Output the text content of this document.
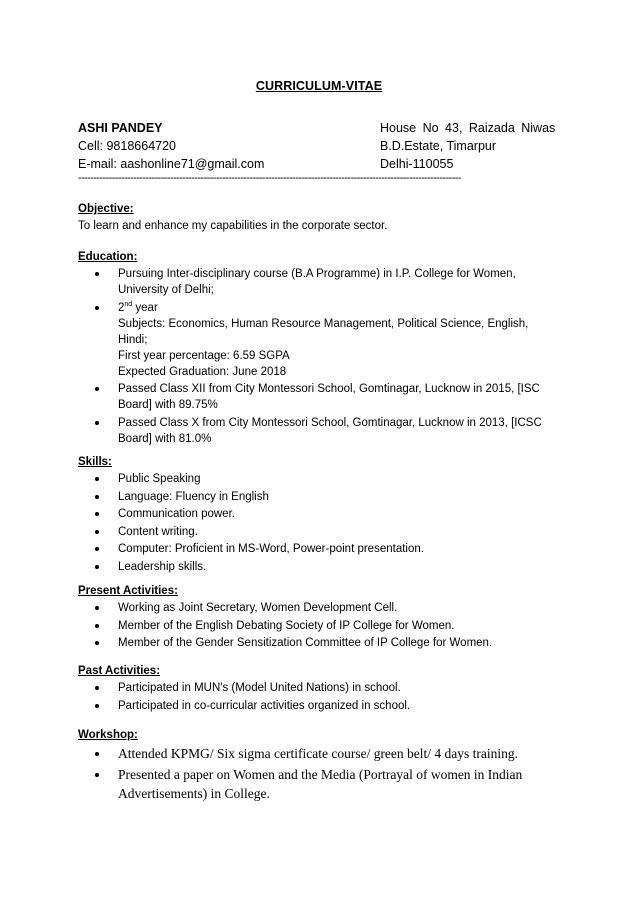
CURRICULUM-VITAE
ASHI PANDEY	House No 43, Raizada Niwas
Cell: 9818664720	B.D.Estate, Timarpur
E-mail: aashonline71@gmail.com	Delhi-110055
-----------------------------------------------------------------------------------------------------------------------------
Objective:
To learn and enhance my capabilities in the corporate sector.
Education:
Pursuing Inter-disciplinary course (B.A Programme) in I.P. College for Women,
University of Delhi;
2nd year
Subjects: Economics, Human Resource Management, Political Science, English,
Hindi;
First year percentage: 6.59 SGPA
Expected Graduation: June 2018
Passed Class XII from City Montessori School, Gomtinagar, Lucknow in 2015, [ISC
Board] with 89.75%
Passed Class X from City Montessori School, Gomtinagar, Lucknow in 2013, [ICSC
Board] with 81.0%
Skills:
Public Speaking
Language: Fluency in English
Communication power.
Content writing.
Computer: Proficient in MS-Word, Power-point presentation.
Leadership skills.
Present Activities:
Working as Joint Secretary, Women Development Cell.
Member of the English Debating Society of IP College for Women.
Member of the Gender Sensitization Committee of IP College for Women.
Past Activities:
Participated in MUN's (Model United Nations) in school.
Participated in co-curricular activities organized in school.
Workshop:
Attended KPMG/ Six sigma certificate course/ green belt/ 4 days training.
Presented a paper on Women and the Media (Portrayal of women in Indian
Advertisements) in College.
